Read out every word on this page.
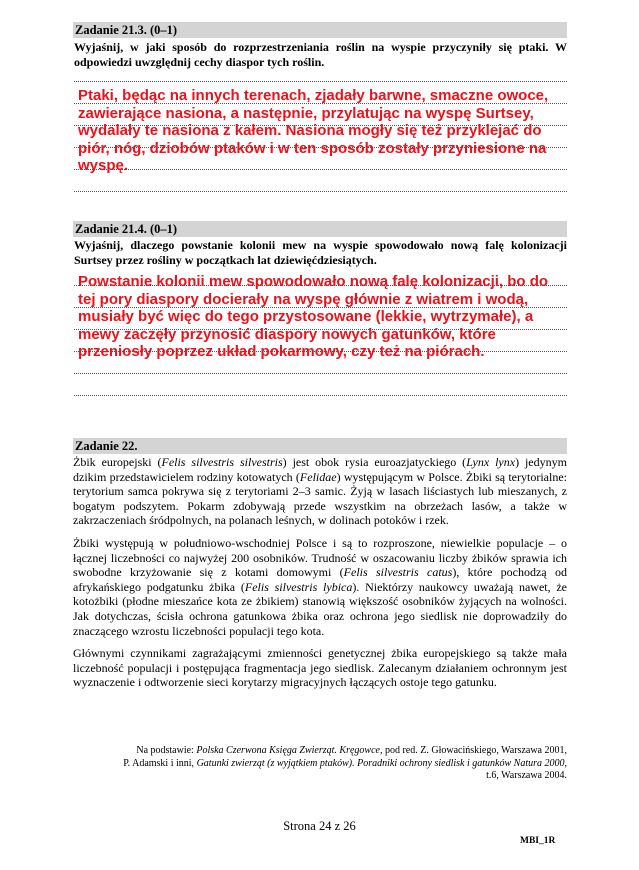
Zadanie 21.3. (0–1)
Wyjaśnij, w jaki sposób do rozprzestrzeniania roślin na wyspie przyczyniły się ptaki. W odpowiedzi uwzględnij cechy diaspor tych roślin.
Ptaki, będąc na innych terenach, zjadały barwne, smaczne owoce, zawierające nasiona, a następnie, przylatując na wyspę Surtsey, wydalały te nasiona z kałem. Nasiona mogły się też przyklejać do piór, nóg, dziobów ptaków i w ten sposób zostały przyniesione na wyspę.
Zadanie 21.4. (0–1)
Wyjaśnij, dlaczego powstanie kolonii mew na wyspie spowodowało nową falę kolonizacji Surtsey przez rośliny w początkach lat dziewięćdziesiątych.
Powstanie kolonii mew spowodowało nową falę kolonizacji, bo do tej pory diaspory docierały na wyspę głównie z wiatrem i wodą, musiały być więc do tego przystosowane (lekkie, wytrzymałe), a mewy zaczęły przynosić diaspory nowych gatunków, które przeniosły poprzez układ pokarmowy, czy też na piórach.
Zadanie 22.

Żbik europejski (Felis silvestris silvestris) jest obok rysia euroazjatyckiego (Lynx lynx) jedynym dzikim przedstawicielem rodziny kotowatych (Felidae) występującym w Polsce. Żbiki są terytorialne: terytorium samca pokrywa się z terytoriami 2–3 samic. Żyją w lasach liściastych lub mieszanych, z bogatym podszytem. Pokarm zdobywają przede wszystkim na obrzeżach lasów, a także w zakrzaczeniach śródpolnych, na polanach leśnych, w dolinach potoków i rzek.

Żbiki występują w południowo-wschodniej Polsce i są to rozproszone, niewielkie populacje – o łącznej liczebności co najwyżej 200 osobników. Trudność w oszacowaniu liczby żbików sprawia ich swobodne krzyżowanie się z kotami domowymi (Felis silvestris catus), które pochodzą od afrykańskiego podgatunku żbika (Felis silvestris lybica). Niektórzy naukowcy uważają nawet, że kotożbiki (płodne mieszańce kota ze żbikiem) stanowią większość osobników żyjących na wolności. Jak dotychczas, ścisła ochrona gatunkowa żbika oraz ochrona jego siedlisk nie doprowadziły do znaczącego wzrostu liczebności populacji tego kota.

Głównymi czynnikami zagrażającymi zmienności genetycznej żbika europejskiego są także mała liczebność populacji i postępująca fragmentacja jego siedlisk. Zalecanym działaniem ochronnym jest wyznaczenie i odtworzenie sieci korytarzy migracyjnych łączących ostoje tego gatunku.

Na podstawie: Polska Czerwona Księga Zwierząt. Kręgowce, pod red. Z. Głowacińskiego, Warszawa 2001,
P. Adamski i inni, Gatunki zwierząt (z wyjątkiem ptaków). Poradniki ochrony siedlisk i gatunków Natura 2000,
t.6, Warszawa 2004.
Strona 24 z 26
MBI_1R
